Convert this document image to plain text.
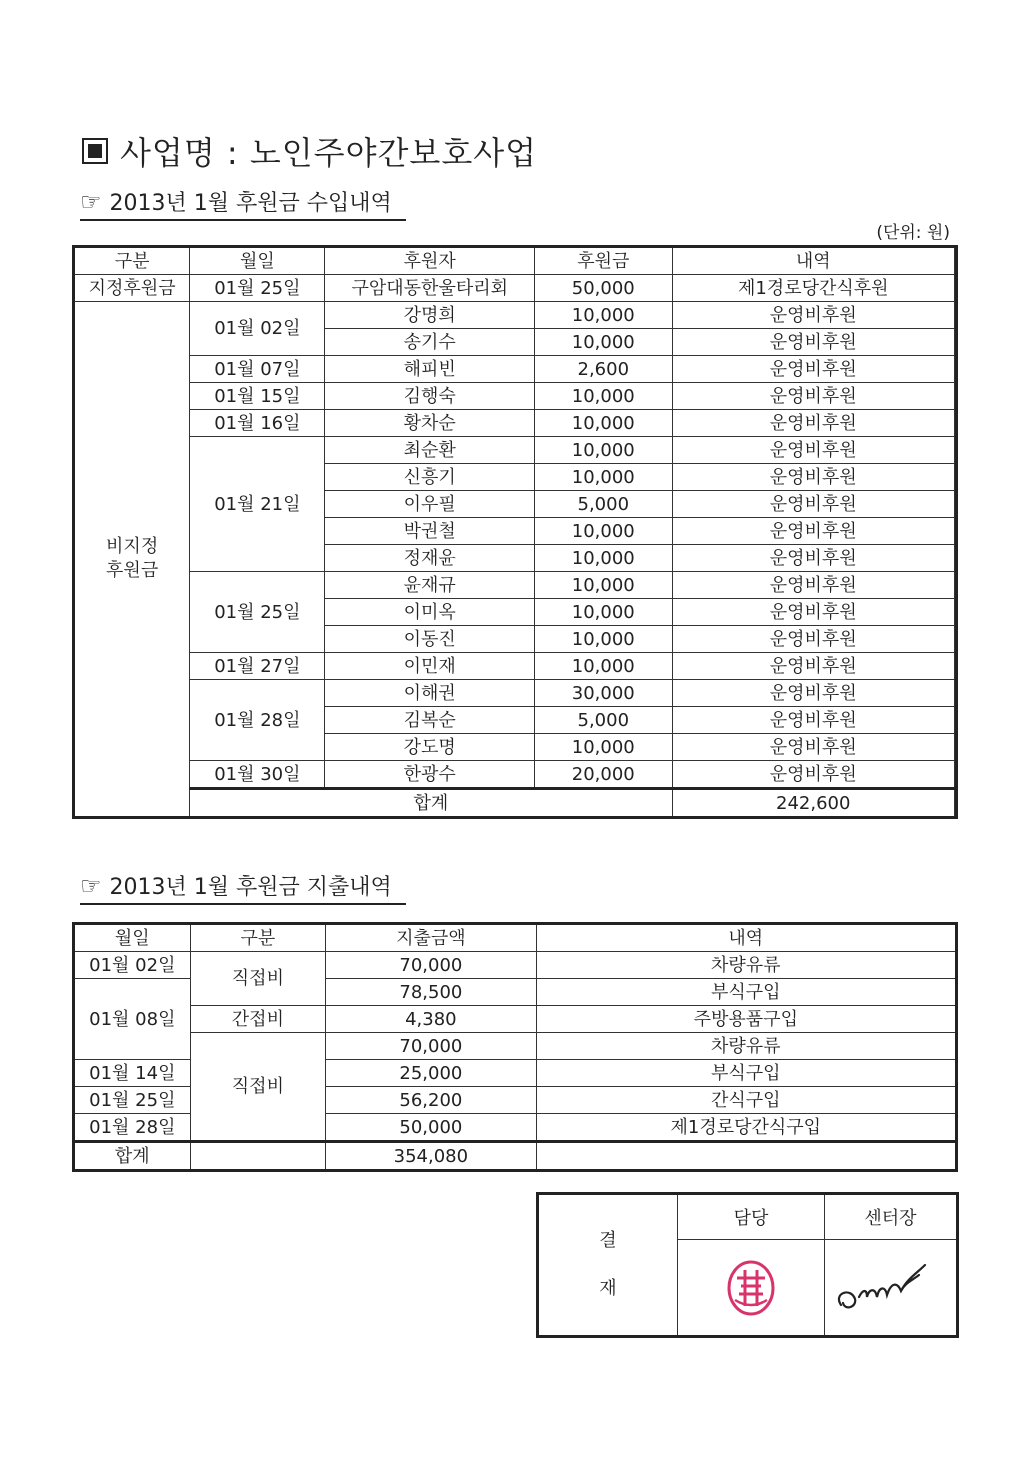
사업명 : 노인주야간보호사업
☞ 2013년 1월 후원금 수입내역
(단위: 원)
구분	월일	후원자	후원금	내역	
지정후원금	01월 25일	구암대동한울타리회	50,000	제1경로당간식후원	
비지정
후원금	01월 02일	강명희	10,000	운영비후원	
		송기수	10,000	운영비후원	
	01월 07일	해피빈	2,600	운영비후원	
	01월 15일	김행숙	10,000	운영비후원	
	01월 16일	황차순	10,000	운영비후원	
	01월 21일	최순환	10,000	운영비후원	
		신흥기	10,000	운영비후원	
		이우필	5,000	운영비후원	
		박권철	10,000	운영비후원	
		정재윤	10,000	운영비후원	
	01월 25일	윤재규	10,000	운영비후원	
		이미옥	10,000	운영비후원	
		이동진	10,000	운영비후원	
	01월 27일	이민재	10,000	운영비후원	
	01월 28일	이해권	30,000	운영비후원	
		김복순	5,000	운영비후원	
		강도명	10,000	운영비후원	
	01월 30일	한광수	20,000	운영비후원	
	합계			242,600	
☞ 2013년 1월 후원금 지출내역
월일	구분	지출금액	내역
01월 02일	직접비	70,000	차량유류
01월 08일		78,500	부식구입
	간접비	4,380	주방용품구입
	직접비	70,000	차량유류
01월 14일		25,000	부식구입
01월 25일		56,200	간식구입
01월 28일		50,000	제1경로당간식구입
합계		354,080	
결
재	담당	센터장
